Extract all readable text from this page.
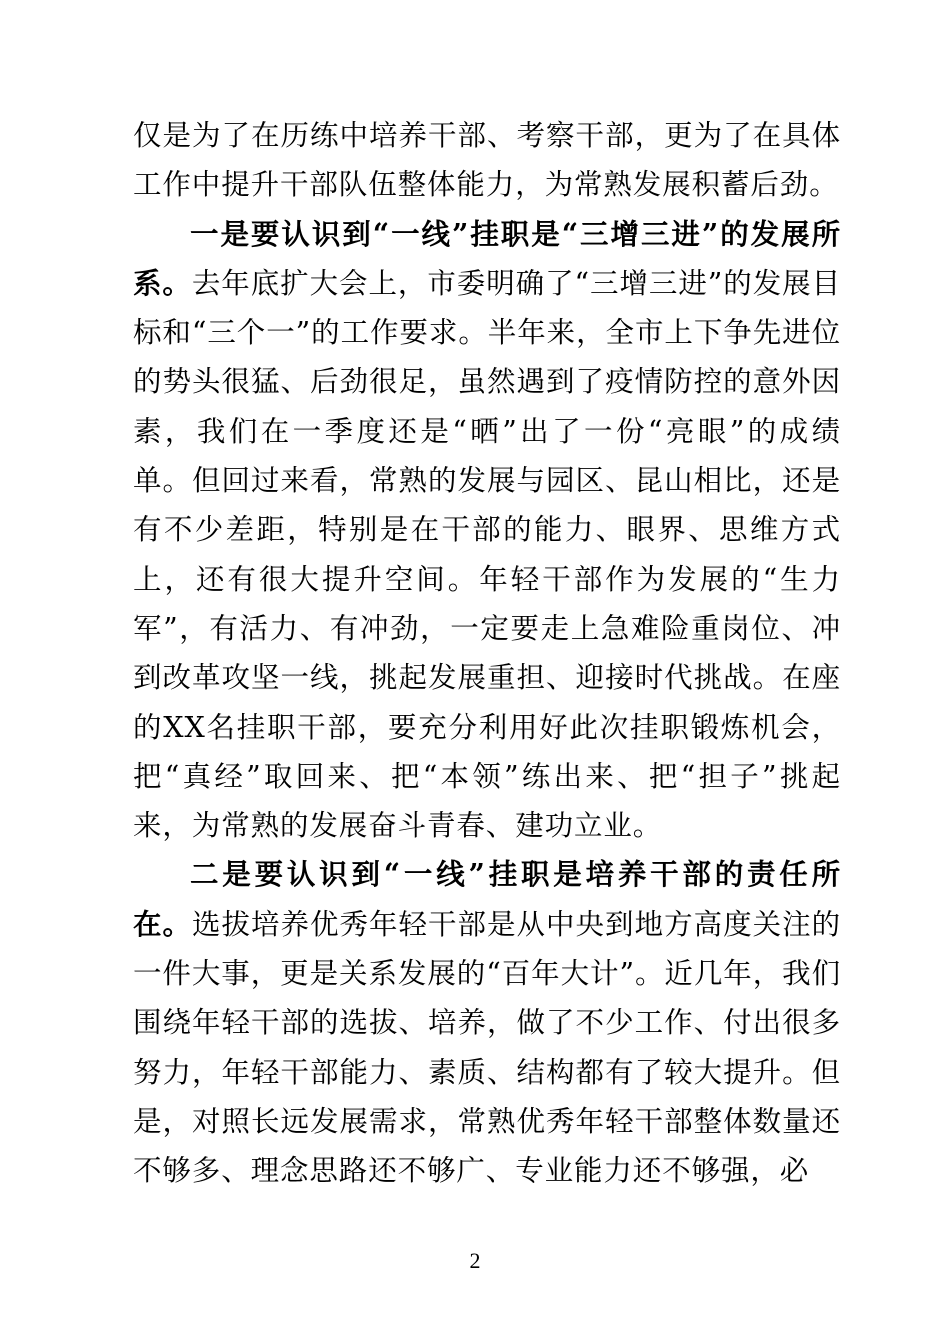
仅是为了在历练中培养干部、考察干部，更为了在具体工作中提升干部队伍整体能力，为常熟发展积蓄后劲。

一是要认识到“一线”挂职是“三增三进”的发展所系。去年底扩大会上，市委明确了“三增三进”的发展目标和“三个一”的工作要求。半年来，全市上下争先进位的势头很猛、后劲很足，虽然遇到了疫情防控的意外因素，我们在一季度还是“晒”出了一份“亮眼”的成绩单。但回过来看，常熟的发展与园区、昆山相比，还是有不少差距，特别是在干部的能力、眼界、思维方式上，还有很大提升空间。年轻干部作为发展的“生力军”，有活力、有冲劲，一定要走上急难险重岗位、冲到改革攻坚一线，挑起发展重担、迎接时代挑战。在座的XX名挂职干部，要充分利用好此次挂职锻炼机会，把“真经”取回来、把“本领”练出来、把“担子”挑起来，为常熟的发展奋斗青春、建功立业。

二是要认识到“一线”挂职是培养干部的责任所在。选拔培养优秀年轻干部是从中央到地方高度关注的一件大事，更是关系发展的“百年大计”。近几年，我们围绕年轻干部的选拔、培养，做了不少工作、付出很多努力，年轻干部能力、素质、结构都有了较大提升。但是，对照长远发展需求，常熟优秀年轻干部整体数量还不够多、理念思路还不够广、专业能力还不够强，必

2
